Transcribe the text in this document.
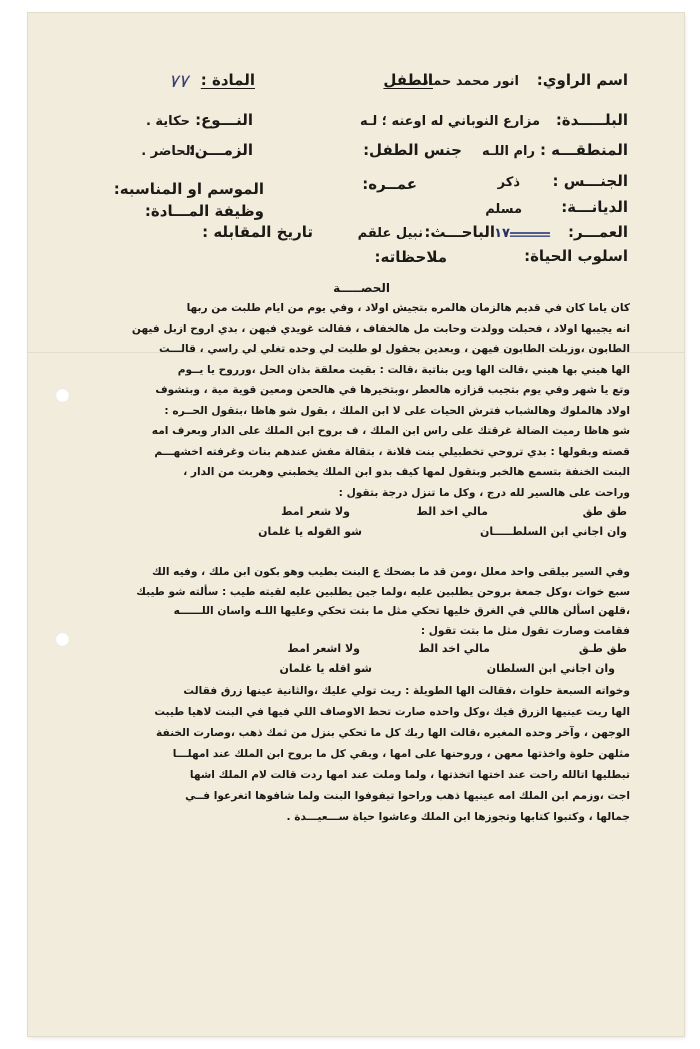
اسم الراوي:
انور محمد حماد
الطفل
المادة :
٧٧
البلـــــدة:
مزارع النوباني له اوعنه ؛ لـه
النـــوع:
حكاية .
المنطقـــه :
رام اللـه
جنس الطفل:
الزمـــن:
الحاضر .
الجنـــس :
ذكر
عمــره:
الموسم او المناسبه:
الديانـــة:
مسلم
وظيفة المـــادة:
العمـــر:
ـــــــــ١٧
الباحـــث:
نبيل علقم
تاريخ المقابله :
اسلوب الحياة:
ملاحظاته:
الحصـــــة
كان ياما كان في قديم هالزمان هالمره بتجيش اولاد ، وفي يوم من ايام طلبت من ربها
انه يجيبها اولاد ، فحبلت وولدت وحابت مل هالخفاف ، فقالت غويدي فيهن ، بدي اروح ازبل فيهن
الطابون ،وزبلت الطابون فيهن ، وبعدين بحقول لو طلبت لي وحده تغلي لي راسي ، قالـــت
الها هيني بها هيني ،قالت الها وين بناتية ،قالت : بقيت معلقة بذان الحل ،ورروح يا يــوم
وتع يا شهر وفي يوم بتجيب قزازه هالعطر ،وبتخيرها في هالحعن ومعين قوية مية ، وبتشوف
اولاد هالملوك وهالشباب فترش الحيات على لا ابن الملك ، بقول شو هاظا ،بتقول الحــره :
شو هاظا رميت الضالة غرقتك على راس ابن الملك ، ف بروح ابن الملك على الدار وبعرف امه
قصته وبقولها : بدي تروحي تخطبيلي بنت فلانة ، بتقالة مفش عندهم بنات وغرفته اخشهـــم
البنت الخنفة بتسمع هالخبر وبتقول لمها كيف بدو ابن الملك يخطبني وهربت من الدار ،
وراحت على هالسير لله درج ، وكل ما تنزل درجة بتقول :
طق طق
مالي اخد الط
ولا شعر امط
وان اجاني ابن السلطـــــان
شو القوله يا غلمان
وفي السير بيلقى واحد معلل ،ومن قد ما بضحك ع البنت بطيب وهو بكون ابن ملك ، وفيه الك
سبع خوات ،وكل جمعة بروحن يطلبين عليه ،ولما جين يطلبين عليه لقيته طيب : سألته شو طيبك
،قلهن اسألن هاللي في الغرق خليها تحكي مثل ما بتت تحكي وعليها اللـه واسان اللــــــه
فقامت وصارت تقول مثل ما بتت تقول :
طق طـق
مالي اخد الط
ولا اشعر امط
وان اجاني ابن السلطان
شو اقله يا غلمان
وخواته السبعة حلوات ،فقالت الها الطويلة : ريت تولي عليك ،والثانية عينها زرق فقالت
الها ريت عينيها الزرق فيك ،وكل واحده صارت تحط الاوصاف اللي فيها في البنت لاهيا طيبت
الوجهن ، وآخر وحده المغيره ،قالت الها ربك كل ما تحكي بنزل من ثمك ذهب ،وصارت الخنفة
مثلهن حلوة واخذتها معهن ، وروحنها على امها ، وبقي كل ما بروح ابن الملك عند امهلـــا
تبطليها اتالله راحت عند اختها اتخذتها ، ولما وملت عند امها ردت قالت لام الملك اشها
اجت ،وزمم ابن الملك امه عينيها ذهب وراحوا تيفوفوا البنت ولما شافوها اتغرعوا فــي
جمالها ، وكتبوا كتابها وتجوزها ابن الملك وعاشوا حياة ســـعيـــدة .
